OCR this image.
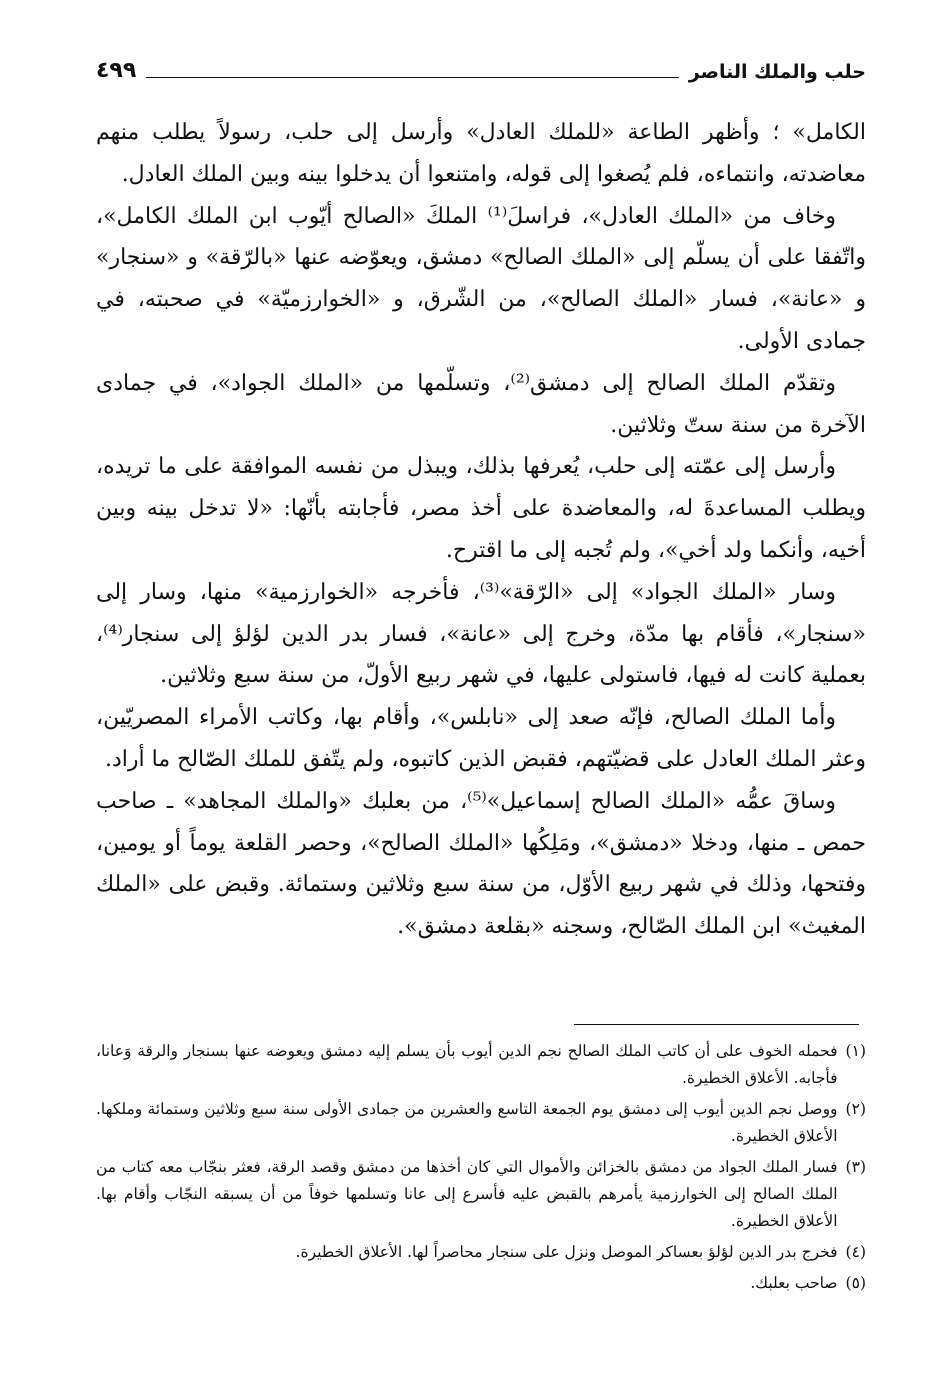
حلب والملك الناصر
٤٩٩

الكامل» ؛ وأظهر الطاعة «للملك العادل» وأرسل إلى حلب، رسولاً يطلب منهم معاضدته، وانتماءه، فلم يُصغوا إلى قوله، وامتنعوا أن يدخلوا بينه وبين الملك العادل.

وخاف من «الملك العادل»، فراسلَ⁽¹⁾ الملكَ «الصالح أيّوب ابن الملك الكامل»، واتّفقا على أن يسلّم إلى «الملك الصالح» دمشق، ويعوّضه عنها «بالرّقة» و «سنجار» و «عانة»، فسار «الملك الصالح»، من الشّرق، و «الخوارزميّة» في صحبته، في جمادى الأولى.

وتقدّم الملك الصالح إلى دمشق⁽²⁾، وتسلّمها من «الملك الجواد»، في جمادى الآخرة من سنة ستّ وثلاثين.

وأرسل إلى عمّته إلى حلب، يُعرفها بذلك، ويبذل من نفسه الموافقة على ما تريده، ويطلب المساعدةَ له، والمعاضدة على أخذ مصر، فأجابته بأنّها: «لا تدخل بينه وبين أخيه، وأنكما ولد أخي»، ولم تُجبه إلى ما اقترح.

وسار «الملك الجواد» إلى «الرّقة»⁽³⁾، فأخرجه «الخوارزمية» منها، وسار إلى «سنجار»، فأقام بها مدّة، وخرج إلى «عانة»، فسار بدر الدين لؤلؤ إلى سنجار⁽⁴⁾، بعملية كانت له فيها، فاستولى عليها، في شهر ربيع الأولّ، من سنة سبع وثلاثين.

وأما الملك الصالح، فإنّه صعد إلى «نابلس»، وأقام بها، وكاتب الأمراء المصريّين، وعثر الملك العادل على قضيّتهم، فقبض الذين كاتبوه، ولم يتّفق للملك الصّالح ما أراد.

وساقَ عمُّه «الملك الصالح إسماعيل»⁽⁵⁾، من بعلبك «والملك المجاهد» ـ صاحب حمص ـ منها، ودخلا «دمشق»، ومَلِكُها «الملك الصالح»، وحصر القلعة يوماً أو يومين، وفتحها، وذلك في شهر ربيع الأوّل، من سنة سبع وثلاثين وستمائة. وقبض على «الملك المغيث» ابن الملك الصّالح، وسجنه «بقلعة دمشق».

(١)
فحمله الخوف على أن كاتب الملك الصالح نجم الدين أيوب بأن يسلم إليه دمشق ويعوضه عنها بسنجار والرقة وَعانا، فأجابه. الأعلاق الخطيرة.
(٢)
ووصل نجم الدين أيوب إلى دمشق يوم الجمعة التاسع والعشرين من جمادى الأولى سنة سبع وثلاثين وستمائة وملكها. الأعلاق الخطيرة.
(٣)
فسار الملك الجواد من دمشق بالخزائن والأموال التي كان أخذها من دمشق وقصد الرقة، فعثر بنجّاب معه كتاب من الملك الصالح إلى الخوارزمية يأمرهم بالقبض عليه فأسرع إلى عانا وتسلمها خوفاً من أن يسبقه النجّاب وأقام بها. الأعلاق الخطيرة.
(٤)
فخرج بدر الدين لؤلؤ بعساكر الموصل ونزل على سنجار محاصراً لها. الأعلاق الخطيرة.
(٥)
صاحب بعلبك.
